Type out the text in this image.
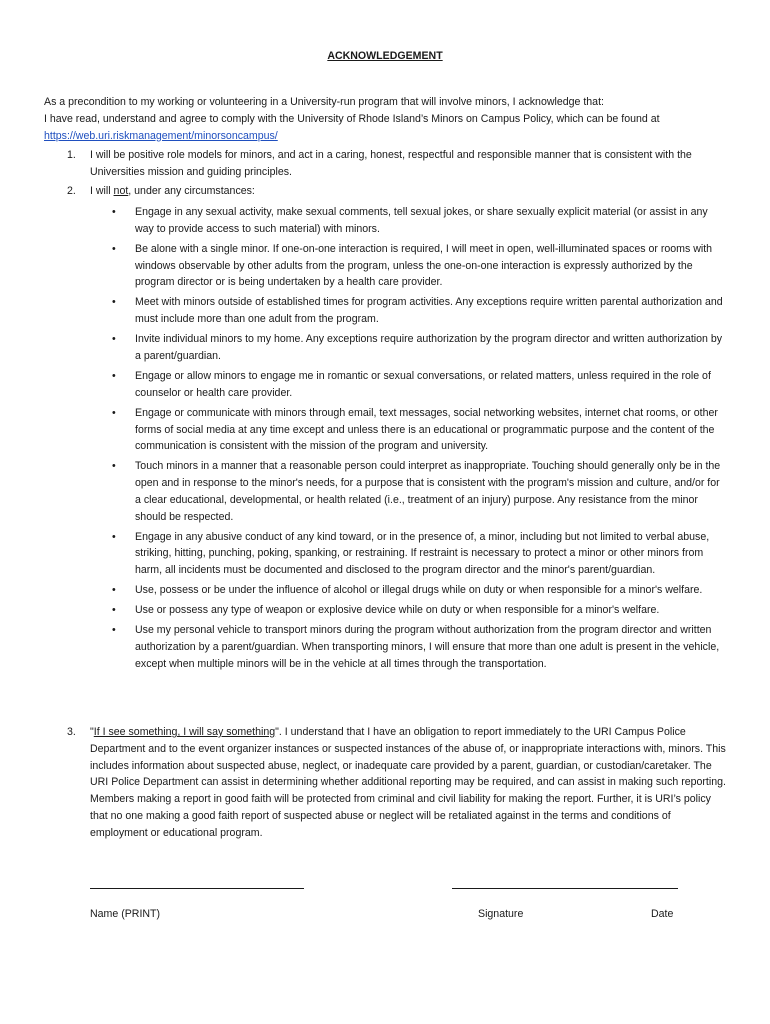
ACKNOWLEDGEMENT

As a precondition to my working or volunteering in a University-run program that will involve minors, I acknowledge that:

I have read, understand and agree to comply with the University of Rhode Island’s Minors on Campus Policy, which can be found at

https://web.uri.riskmanagement/minorsoncampus/

1. I will be positive role models for minors, and act in a caring, honest, respectful and responsible manner that is consistent with the Universities mission and guiding principles.
2. I will not, under any circumstances:
• Engage in any sexual activity, make sexual comments, tell sexual jokes, or share sexually explicit material (or assist in any way to provide access to such material) with minors.
• Be alone with a single minor. If one-on-one interaction is required, I will meet in open, well-illuminated spaces or rooms with windows observable by other adults from the program, unless the one-on-one interaction is expressly authorized by the program director or is being undertaken by a health care provider.
• Meet with minors outside of established times for program activities. Any exceptions require written parental authorization and must include more than one adult from the program.
• Invite individual minors to my home. Any exceptions require authorization by the program director and written authorization by a parent/guardian.
• Engage or allow minors to engage me in romantic or sexual conversations, or related matters, unless required in the role of counselor or health care provider.
• Engage or communicate with minors through email, text messages, social networking websites, internet chat rooms, or other forms of social media at any time except and unless there is an educational or programmatic purpose and the content of the communication is consistent with the mission of the program and university.
• Touch minors in a manner that a reasonable person could interpret as inappropriate. Touching should generally only be in the open and in response to the minor's needs, for a purpose that is consistent with the program's mission and culture, and/or for a clear educational, developmental, or health related (i.e., treatment of an injury) purpose. Any resistance from the minor should be respected.
• Engage in any abusive conduct of any kind toward, or in the presence of, a minor, including but not limited to verbal abuse, striking, hitting, punching, poking, spanking, or restraining. If restraint is necessary to protect a minor or other minors from harm, all incidents must be documented and disclosed to the program director and the minor's parent/guardian.
• Use, possess or be under the influence of alcohol or illegal drugs while on duty or when responsible for a minor's welfare.
• Use or possess any type of weapon or explosive device while on duty or when responsible for a minor's welfare.
• Use my personal vehicle to transport minors during the program without authorization from the program director and written authorization by a parent/guardian. When transporting minors, I will ensure that more than one adult is present in the vehicle, except when multiple minors will be in the vehicle at all times through the transportation.
3. "If I see something, I will say something". I understand that I have an obligation to report immediately to the URI Campus Police Department and to the event organizer instances or suspected instances of the abuse of, or inappropriate interactions with, minors. This includes information about suspected abuse, neglect, or inadequate care provided by a parent, guardian, or custodian/caretaker. The URI Police Department can assist in determining whether additional reporting may be required, and can assist in making such reporting. Members making a report in good faith will be protected from criminal and civil liability for making the report. Further, it is URI’s policy that no one making a good faith report of suspected abuse or neglect will be retaliated against in the terms and conditions of employment or educational program.
Name (PRINT)	Signature	Date
